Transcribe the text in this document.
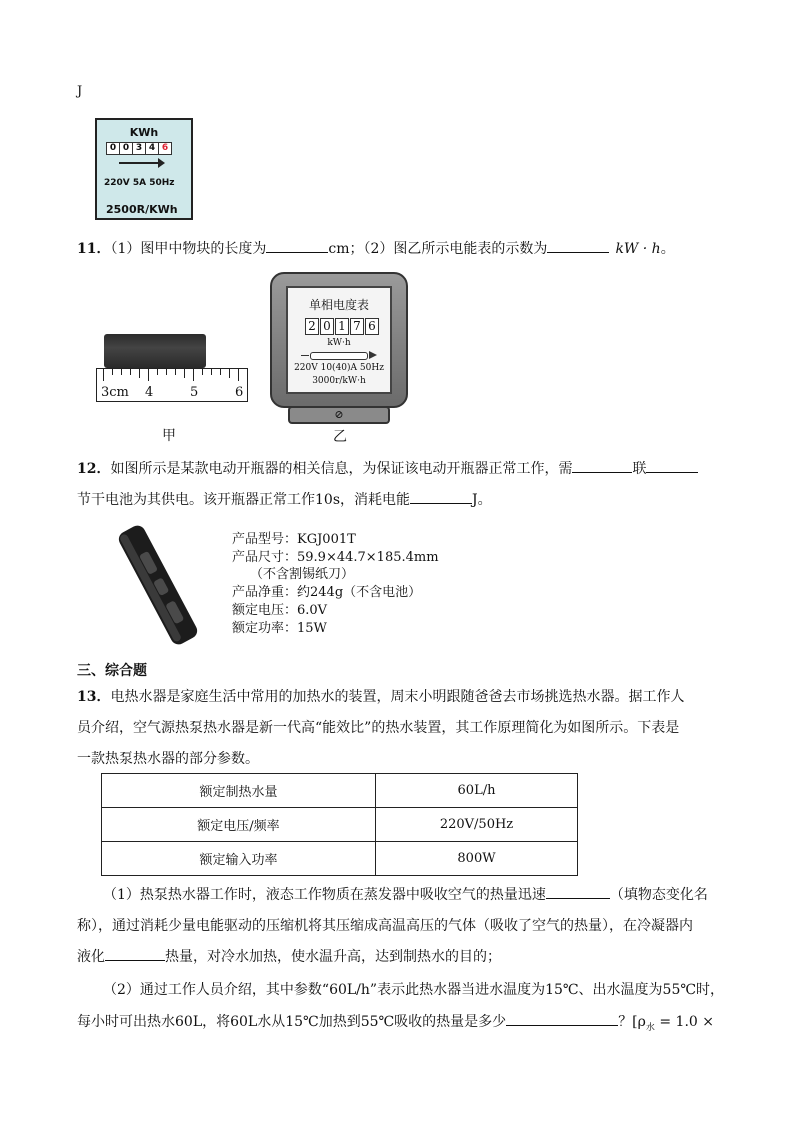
J
KWh
0 0 3 4 6
220V 5A 50Hz
2500R/KWh
11．（1）图甲中物块的长度为	cm；（2）图乙所示电能表的示数为	kW · h。
3cm 4	5	6
甲
单相电度表
2 0 1 7 6
kW·h
220V 10(40)A 50Hz
3000r/kW·h
⊘
乙
12．如图所示是某款电动开瓶器的相关信息，为保证该电动开瓶器正常工作，需	联
节干电池为其供电。该开瓶器正常工作10s，消耗电能	J。
产品型号：KGJ001T
产品尺寸：59.9×44.7×185.4mm
（不含割锡纸刀）
产品净重：约244g（不含电池）
额定电压：6.0V
额定功率：15W
三、综合题
13．电热水器是家庭生活中常用的加热水的装置，周末小明跟随爸爸去市场挑选热水器。据工作人
员介绍，空气源热泵热水器是新一代高“能效比”的热水装置，其工作原理简化为如图所示。下表是
一款热泵热水器的部分参数。
额定制热水量	60L/h
额定电压/频率	220V/50Hz
额定输入功率	800W
（1）热泵热水器工作时，液态工作物质在蒸发器中吸收空气的热量迅速	（填物态变化名
称），通过消耗少量电能驱动的压缩机将其压缩成高温高压的气体（吸收了空气的热量），在冷凝器内
液化	热量，对冷水加热，使水温升高，达到制热水的目的；
（2）通过工作人员介绍，其中参数“60L/h”表示此热水器当进水温度为15℃、出水温度为55℃时，
每小时可出热水60L，将60L水从15℃加热到55℃吸收的热量是多少	？[$\rho_水 = 1.0$ ×
